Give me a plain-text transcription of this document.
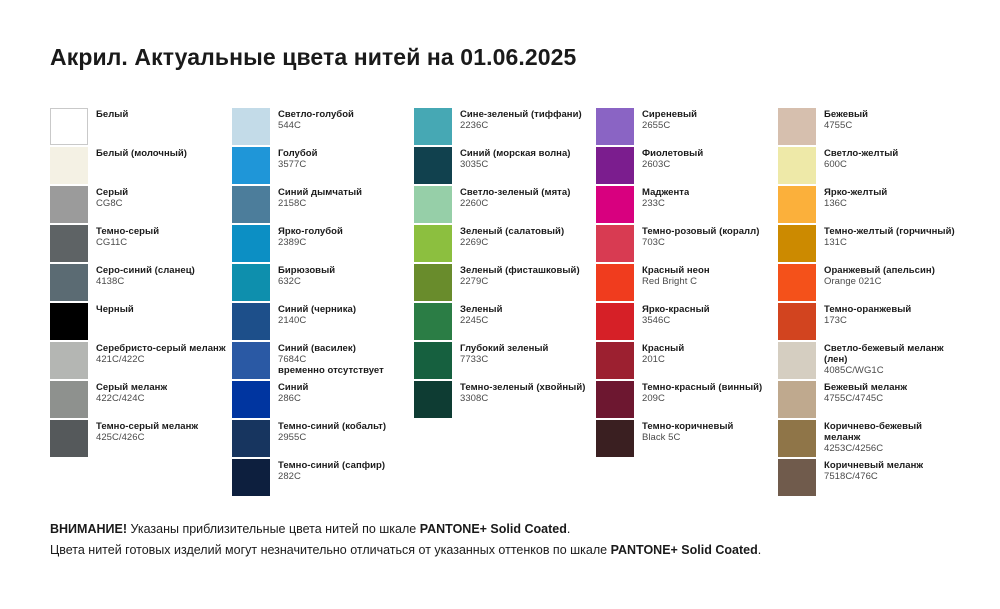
Акрил. Актуальные цвета нитей на 01.06.2025
Белый
Белый (молочный)
Серый
CG8C
Темно-серый
CG11C
Серо-синий (сланец)
4138C
Черный
Серебристо-серый меланж
421C/422C
Серый меланж
422C/424C
Темно-серый меланж
425C/426C
Светло-голубой
544C
Голубой
3577C
Синий дымчатый
2158C
Ярко-голубой
2389C
Бирюзовый
632C
Синий (черника)
2140C
Синий (василек)
7684C
временно отсутствует
Синий
286C
Темно-синий (кобальт)
2955C
Темно-синий (сапфир)
282C
Сине-зеленый (тиффани)
2236C
Синий (морская волна)
3035C
Светло-зеленый (мята)
2260C
Зеленый (салатовый)
2269C
Зеленый (фисташковый)
2279C
Зеленый
2245C
Глубокий зеленый
7733C
Темно-зеленый (хвойный)
3308C
Сиреневый
2655C
Фиолетовый
2603C
Маджента
233C
Темно-розовый (коралл)
703C
Красный неон
Red Bright C
Ярко-красный
3546C
Красный
201C
Темно-красный (винный)
209C
Темно-коричневый
Black 5C
Бежевый
4755C
Светло-желтый
600C
Ярко-желтый
136C
Темно-желтый (горчичный)
131C
Оранжевый (апельсин)
Orange 021C
Темно-оранжевый
173C
Светло-бежевый меланж (лен)
4085C/WG1C
Бежевый меланж
4755C/4745C
Коричнево-бежевый меланж
4253C/4256C
Коричневый меланж
7518C/476C
ВНИМАНИЕ! Указаны приблизительные цвета нитей по шкале PANTONE+ Solid Coated.
Цвета нитей готовых изделий могут незначительно отличаться от указанных оттенков по шкале PANTONE+ Solid Coated.
